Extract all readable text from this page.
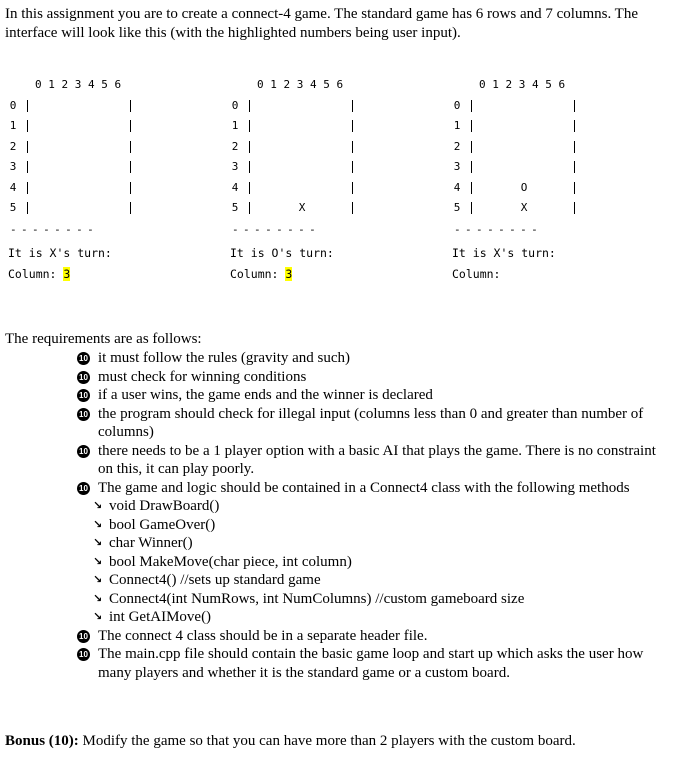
In this assignment you are to create a connect-4 game. The standard game has 6 rows and 7 columns. The interface will look like this (with the highlighted numbers being user input).
0 1 2 3 4 5 6
0
1
2
3
4
5
--------
It is X's turn:
Column: 3
0 1 2 3 4 5 6
0
1
2
3
4
5	X
--------
It is O's turn:
Column: 3
0 1 2 3 4 5 6
0
1
2
3
4
5
O
X
--------
It is X's turn:
Column:
The requirements are as follows:
10 it must follow the rules (gravity and such)
10 must check for winning conditions
10 if a user wins, the game ends and the winner is declared
10 the program should check for illegal input (columns less than 0 and greater than number of columns)
10 there needs to be a 1 player option with a basic AI that plays the game. There is no constraint on this, it can play poorly.
10 The game and logic should be contained in a Connect4 class with the following methods
↘ void DrawBoard()
↘ bool GameOver()
↘ char Winner()
↘ bool MakeMove(char piece, int column)
↘ Connect4() //sets up standard game
↘ Connect4(int NumRows, int NumColumns) //custom gameboard size
↘ int GetAIMove()
10 The connect 4 class should be in a separate header file.
10 The main.cpp file should contain the basic game loop and start up which asks the user how many players and whether it is the standard game or a custom board.
Bonus (10): Modify the game so that you can have more than 2 players with the custom board.
